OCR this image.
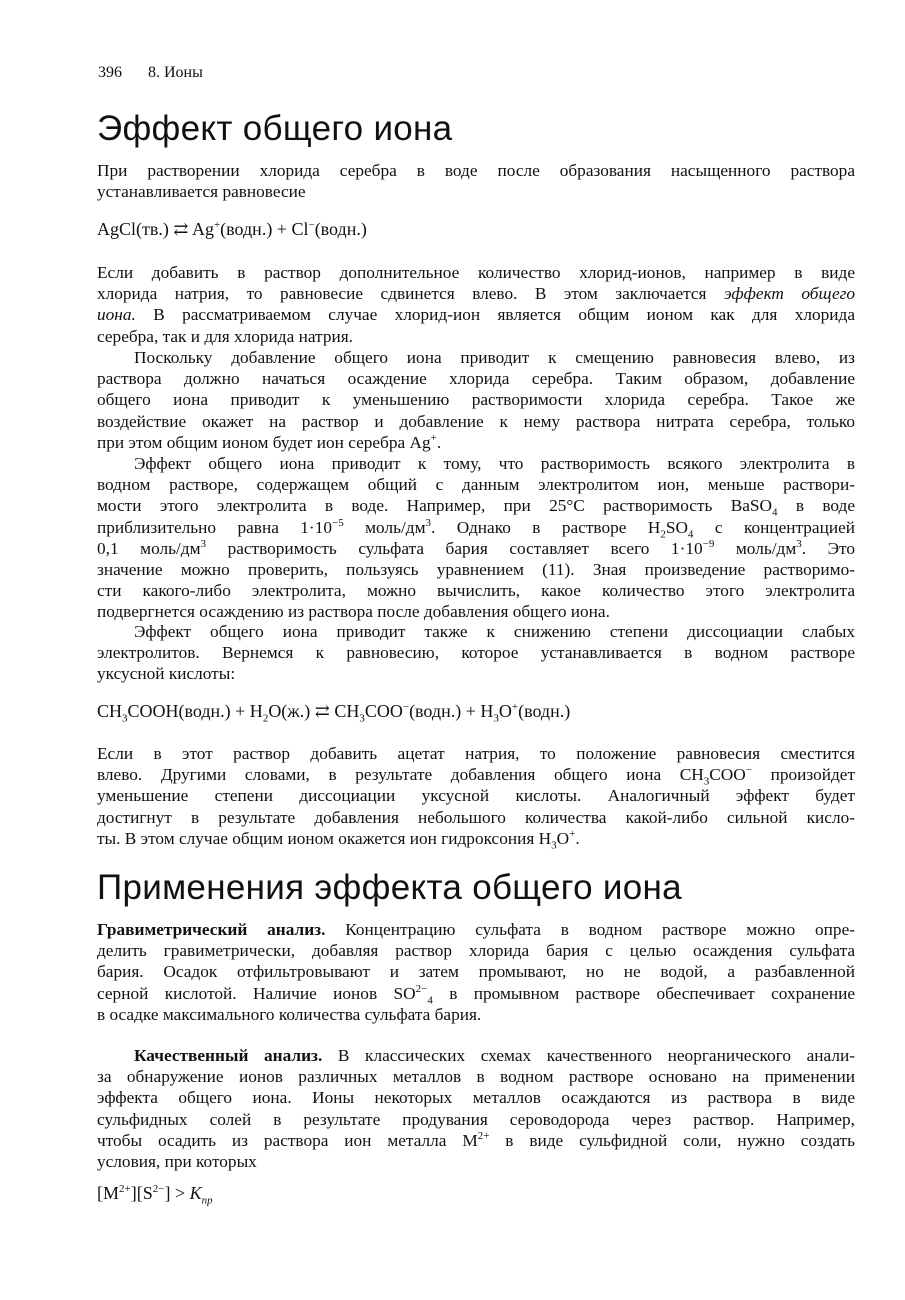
396 8. Ионы
Эффект общего иона
При растворении хлорида серебра в воде после образования насыщенного раствора
устанавливается равновесие
AgCl(тв.) ⇄ Ag+(водн.) + Cl−(водн.)
Если добавить в раствор дополнительное количество хлорид-ионов, например в виде
хлорида натрия, то равновесие сдвинется влево. В этом заключается эффект общего
иона. В рассматриваемом случае хлорид-ион является общим ионом как для хлорида
серебра, так и для хлорида натрия.
Поскольку добавление общего иона приводит к смещению равновесия влево, из
раствора должно начаться осаждение хлорида серебра. Таким образом, добавление
общего иона приводит к уменьшению растворимости хлорида серебра. Такое же
воздействие окажет на раствор и добавление к нему раствора нитрата серебра, только
при этом общим ионом будет ион серебра Ag+.
Эффект общего иона приводит к тому, что растворимость всякого электролита в
водном растворе, содержащем общий с данным электролитом ион, меньше раствори-
мости этого электролита в воде. Например, при 25°С растворимость BaSO$_4$ в воде
приблизительно равна $1\cdot 10^{-5}$ моль/$дм^3$. Однако в растворе $H_2SO_4$ с концентрацией
0,1 моль/$дм^3$ растворимость сульфата бария составляет всего $1\cdot 10^{-9}$ моль/$дм^3$. Это
значение можно проверить, пользуясь уравнением (11). Зная произведение растворимо-
сти какого-либо электролита, можно вычислить, какое количество этого электролита
подвергнется осаждению из раствора после добавления общего иона.
Эффект общего иона приводит также к снижению степени диссоциации слабых
электролитов. Вернемся к равновесию, которое устанавливается в водном растворе
уксусной кислоты:
$CH_3COOH(водн.) + H_2O(ж.)$ ⇄ $CH_3COO^-(водн.)$ + $H_3O^+(водн.)$
Если в этот раствор добавить ацетат натрия, то положение равновесия сместится
влево. Другими словами, в результате добавления общего иона $CH_3COO^-$ произойдет
уменьшение степени диссоциации уксусной кислоты. Аналогичный эффект будет
достигнут в результате добавления небольшого количества какой-либо сильной кисло-
ты. В этом случае общим ионом окажется ион гидроксония $H_3O^+$.
Применения эффекта общего иона
Гравиметрический анализ. Концентрацию сульфата в водном растворе можно опре-
делить гравиметрически, добавляя раствор хлорида бария с целью осаждения сульфата
бария. Осадок отфильтровывают и затем промывают, но не водой, а разбавленной
серной кислотой. Наличие ионов $SO^{2-}_4$ в промывном растворе обеспечивает сохранение
в осадке максимального количества сульфата бария.
Качественный анализ. В классических схемах качественного неорганического анали-
за обнаружение ионов различных металлов в водном растворе основано на применении
эффекта общего иона. Ионы некоторых металлов осаждаются из раствора в виде
сульфидных солей в результате продувания сероводорода через раствор. Например,
чтобы осадить из раствора ион металла $M^{2+}$ в виде сульфидной соли, нужно создать
условия, при которых
$[M^{2+}][S^{2-}] > K_{пр}$
